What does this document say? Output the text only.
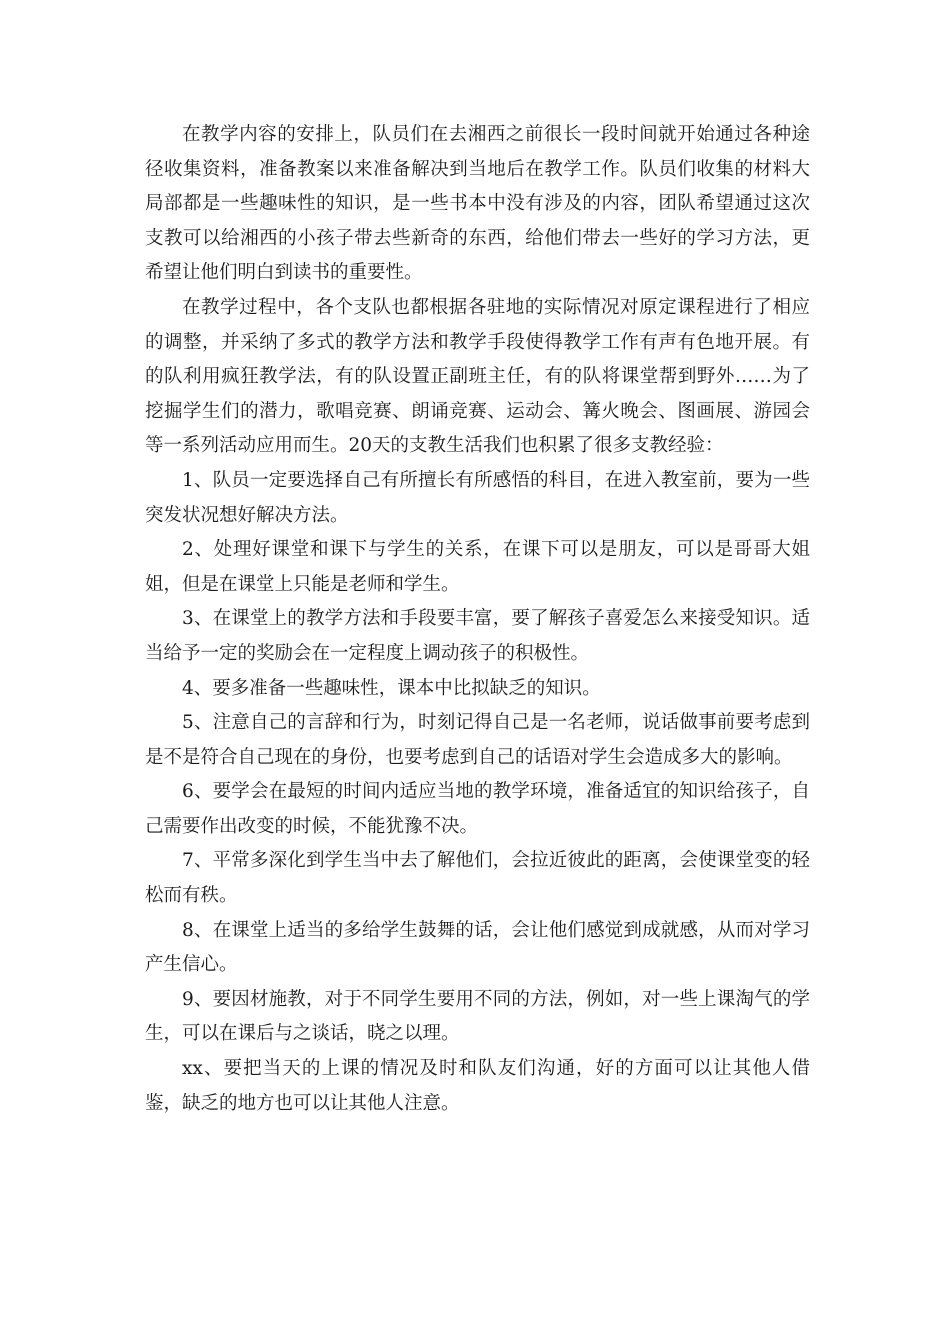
在教学内容的安排上，队员们在去湘西之前很长一段时间就开始通过各种途径收集资料，准备教案以来准备解决到当地后在教学工作。队员们收集的材料大局部都是一些趣味性的知识，是一些书本中没有涉及的内容，团队希望通过这次支教可以给湘西的小孩子带去些新奇的东西，给他们带去一些好的学习方法，更希望让他们明白到读书的重要性。

在教学过程中，各个支队也都根据各驻地的实际情况对原定课程进行了相应的调整，并采纳了多式的教学方法和教学手段使得教学工作有声有色地开展。有的队利用疯狂教学法，有的队设置正副班主任，有的队将课堂帮到野外……为了挖掘学生们的潜力，歌唱竞赛、朗诵竞赛、运动会、篝火晚会、图画展、游园会等一系列活动应用而生。20天的支教生活我们也积累了很多支教经验：

1、队员一定要选择自己有所擅长有所感悟的科目，在进入教室前，要为一些突发状况想好解决方法。

2、处理好课堂和课下与学生的关系，在课下可以是朋友，可以是哥哥大姐姐，但是在课堂上只能是老师和学生。

3、在课堂上的教学方法和手段要丰富，要了解孩子喜爱怎么来接受知识。适当给予一定的奖励会在一定程度上调动孩子的积极性。

4、要多准备一些趣味性，课本中比拟缺乏的知识。

5、注意自己的言辞和行为，时刻记得自己是一名老师，说话做事前要考虑到是不是符合自己现在的身份，也要考虑到自己的话语对学生会造成多大的影响。

6、要学会在最短的时间内适应当地的教学环境，准备适宜的知识给孩子，自己需要作出改变的时候，不能犹豫不决。

7、平常多深化到学生当中去了解他们，会拉近彼此的距离，会使课堂变的轻松而有秩。

8、在课堂上适当的多给学生鼓舞的话，会让他们感觉到成就感，从而对学习产生信心。

9、要因材施教，对于不同学生要用不同的方法，例如，对一些上课淘气的学生，可以在课后与之谈话，晓之以理。

xx、要把当天的上课的情况及时和队友们沟通，好的方面可以让其他人借鉴，缺乏的地方也可以让其他人注意。
